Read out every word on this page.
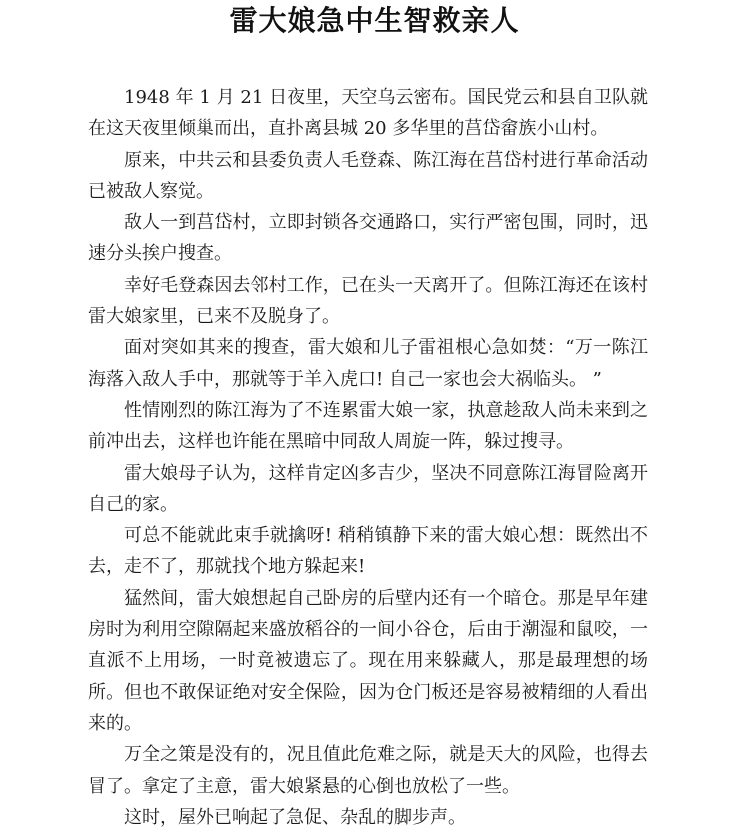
雷大娘急中生智救亲人

1948 年 1 月 21 日夜里，天空乌云密布。国民党云和县自卫队就在这天夜里倾巢而出，直扑离县城 20 多华里的莒岱畲族小山村。

原来，中共云和县委负责人毛登森、陈江海在莒岱村进行革命活动已被敌人察觉。

敌人一到莒岱村，立即封锁各交通路口，实行严密包围，同时，迅速分头挨户搜查。

幸好毛登森因去邻村工作，已在头一天离开了。但陈江海还在该村雷大娘家里，已来不及脱身了。

面对突如其来的搜查，雷大娘和儿子雷祖根心急如焚：“万一陈江海落入敌人手中，那就等于羊入虎口! 自己一家也会大祸临头。 ”

性情刚烈的陈江海为了不连累雷大娘一家，执意趁敌人尚未来到之前冲出去，这样也许能在黑暗中同敌人周旋一阵，躲过搜寻。

雷大娘母子认为，这样肯定凶多吉少，坚决不同意陈江海冒险离开自己的家。

可总不能就此束手就擒呀! 稍稍镇静下来的雷大娘心想：既然出不去，走不了，那就找个地方躲起来!

猛然间，雷大娘想起自己卧房的后壁内还有一个暗仓。那是早年建房时为利用空隙隔起来盛放稻谷的一间小谷仓，后由于潮湿和鼠咬，一直派不上用场，一时竟被遗忘了。现在用来躲藏人，那是最理想的场所。但也不敢保证绝对安全保险，因为仓门板还是容易被精细的人看出来的。

万全之策是没有的，况且值此危难之际，就是天大的风险，也得去冒了。拿定了主意，雷大娘紧悬的心倒也放松了一些。

这时，屋外已响起了急促、杂乱的脚步声。
